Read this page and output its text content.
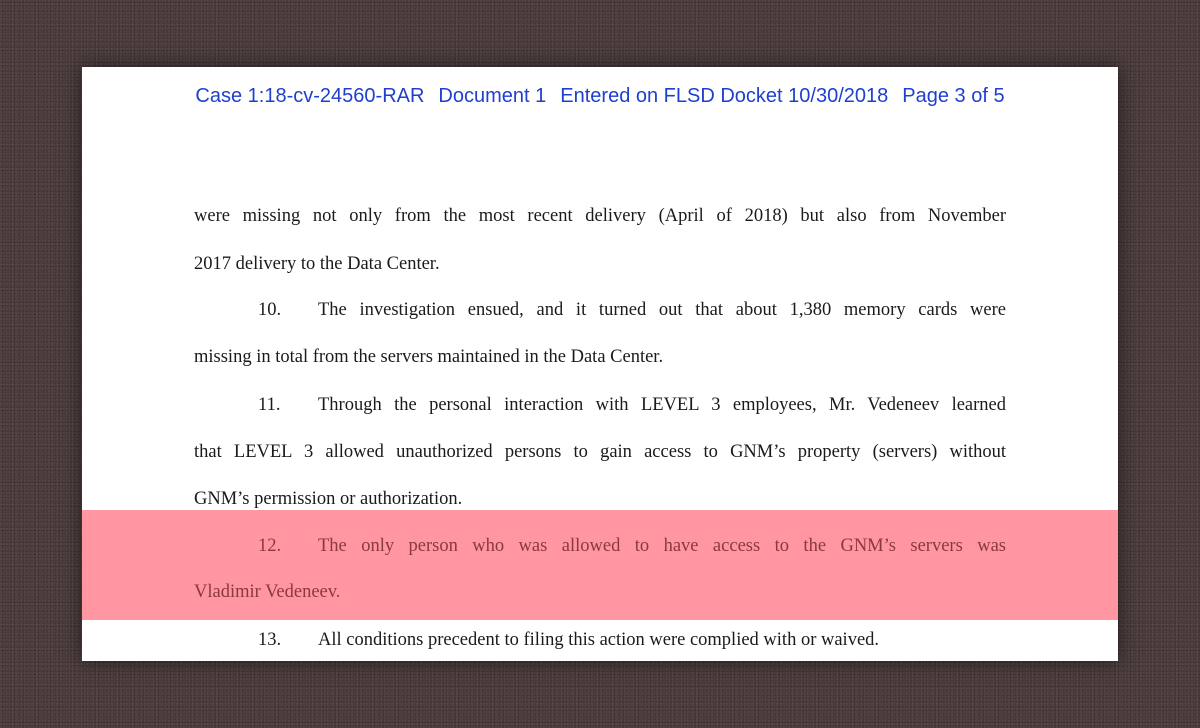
Case 1:18-cv-24560-RAR Document 1 Entered on FLSD Docket 10/30/2018 Page 3 of 5
were missing not only from the most recent delivery (April of 2018) but also from November
2017 delivery to the Data Center.
10. The investigation ensued, and it turned out that about 1,380 memory cards were
missing in total from the servers maintained in the Data Center.
11. Through the personal interaction with LEVEL 3 employees, Mr. Vedeneev learned
that LEVEL 3 allowed unauthorized persons to gain access to GNM’s property (servers) without
GNM’s permission or authorization.
12. The only person who was allowed to have access to the GNM’s servers was
Vladimir Vedeneev.
13. All conditions precedent to filing this action were complied with or waived.
